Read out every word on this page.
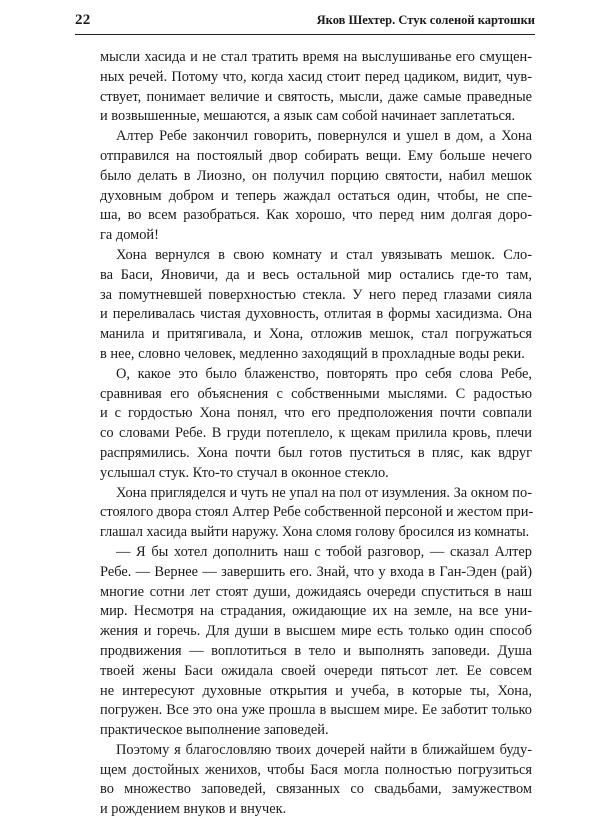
22	Яков Шехтер. Стук соленой картошки
мысли хасида и не стал тратить время на выслушиванье его смущен-
ных речей. Потому что, когда хасид стоит перед цадиком, видит, чув-
ствует, понимает величие и святость, мысли, даже самые праведные
и возвышенные, мешаются, а язык сам собой начинает заплетаться.
Алтер Ребе закончил говорить, повернулся и ушел в дом, а Хона
отправился на постоялый двор собирать вещи. Ему больше нечего
было делать в Лиозно, он получил порцию святости, набил мешок
духовным добром и теперь жаждал остаться один, чтобы, не спе-
ша, во всем разобраться. Как хорошо, что перед ним долгая доро-
га домой!
Хона вернулся в свою комнату и стал увязывать мешок. Сло-
ва Баси, Яновичи, да и весь остальной мир остались где-то там,
за помутневшей поверхностью стекла. У него перед глазами сияла
и переливалась чистая духовность, отлитая в формы хасидизма. Она
манила и притягивала, и Хона, отложив мешок, стал погружаться
в нее, словно человек, медленно заходящий в прохладные воды реки.
О, какое это было блаженство, повторять про себя слова Ребе,
сравнивая его объяснения с собственными мыслями. С радостью
и с гордостью Хона понял, что его предположения почти совпали
со словами Ребе. В груди потеплело, к щекам прилила кровь, плечи
распрямились. Хона почти был готов пуститься в пляс, как вдруг
услышал стук. Кто-то стучал в оконное стекло.
Хона пригляделся и чуть не упал на пол от изумления. За окном по-
стоялого двора стоял Алтер Ребе собственной персоной и жестом при-
глашал хасида выйти наружу. Хона сломя голову бросился из комнаты.
— Я бы хотел дополнить наш с тобой разговор, — сказал Алтер
Ребе. — Вернее — завершить его. Знай, что у входа в Ган-Эден (рай)
многие сотни лет стоят души, дожидаясь очереди спуститься в наш
мир. Несмотря на страдания, ожидающие их на земле, на все уни-
жения и горечь. Для души в высшем мире есть только один способ
продвижения — воплотиться в тело и выполнять заповеди. Душа
твоей жены Баси ожидала своей очереди пятьсот лет. Ее совсем
не интересуют духовные открытия и учеба, в которые ты, Хона,
погружен. Все это она уже прошла в высшем мире. Ее заботит только
практическое выполнение заповедей.
Поэтому я благословляю твоих дочерей найти в ближайшем буду-
щем достойных женихов, чтобы Бася могла полностью погрузиться
во множество заповедей, связанных со свадьбами, замужеством
и рождением внуков и внучек.
